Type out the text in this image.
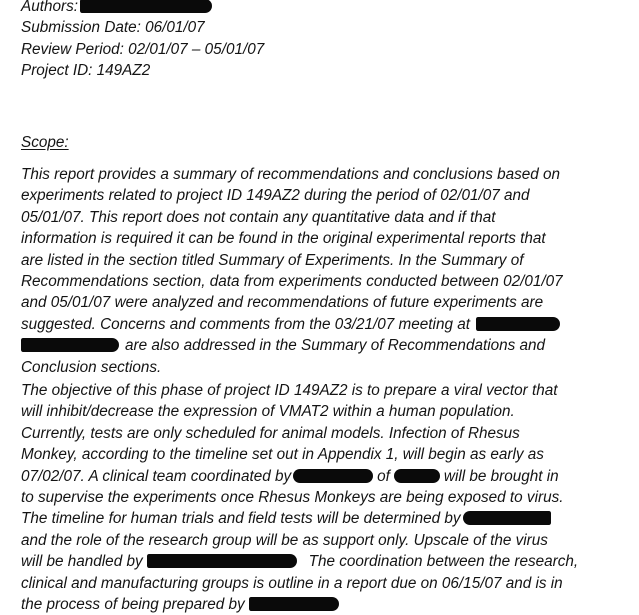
Authors:
Submission Date: 06/01/07
Review Period: 02/01/07 – 05/01/07
Project ID: 149AZ2
Scope:
This report provides a summary of recommendations and conclusions based on
experiments related to project ID 149AZ2 during the period of 02/01/07 and
05/01/07. This report does not contain any quantitative data and if that
information is required it can be found in the original experimental reports that
are listed in the section titled Summary of Experiments. In the Summary of
Recommendations section, data from experiments conducted between 02/01/07
and 05/01/07 were analyzed and recommendations of future experiments are
suggested. Concerns and comments from the 03/21/07 meeting at
are also addressed in the Summary of Recommendations and
Conclusion sections.
The objective of this phase of project ID 149AZ2 is to prepare a viral vector that
will inhibit/decrease the expression of VMAT2 within a human population.
Currently, tests are only scheduled for animal models. Infection of Rhesus
Monkey, according to the timeline set out in Appendix 1, will begin as early as
07/02/07. A clinical team coordinated by	of	will be brought in
to supervise the experiments once Rhesus Monkeys are being exposed to virus.
The timeline for human trials and field tests will be determined by
and the role of the research group will be as support only. Upscale of the virus
will be handled by	The coordination between the research,
clinical and manufacturing groups is outline in a report due on 06/15/07 and is in
the process of being prepared by
